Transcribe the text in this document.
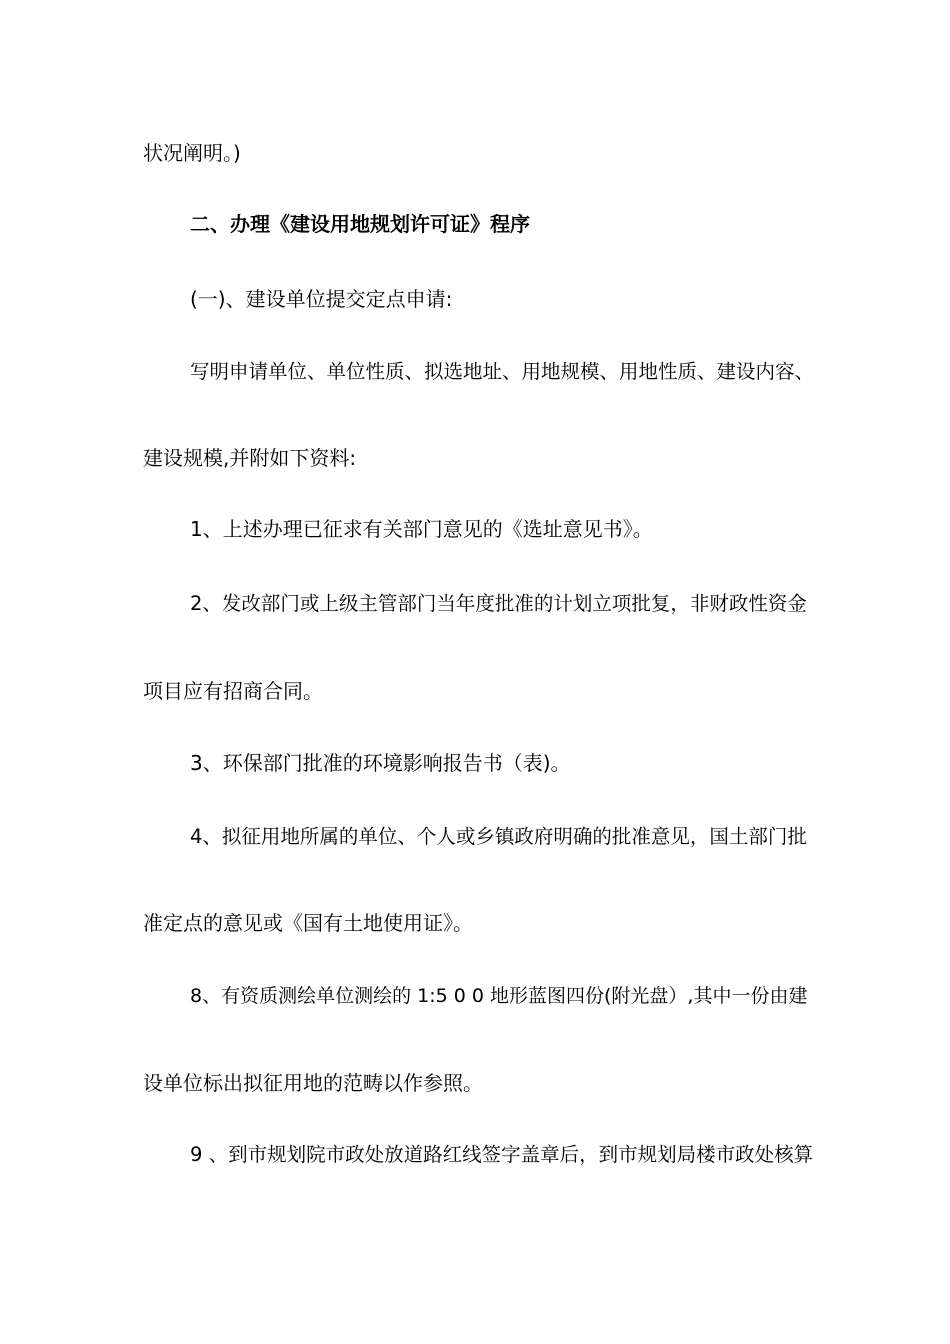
状况阐明。)
二、办理《建设用地规划许可证》程序
(一)、建设单位提交定点申请:
写明申请单位、单位性质、拟选地址、用地规模、用地性质、建设内容、
建设规模,并附如下资料:
1、上述办理已征求有关部门意见的《选址意见书》。
2、发改部门或上级主管部门当年度批准的计划立项批复，非财政性资金
项目应有招商合同。
3、环保部门批准的环境影响报告书（表)。
4、拟征用地所属的单位、个人或乡镇政府明确的批准意见，国土部门批
准定点的意见或《国有土地使用证》。
8、有资质测绘单位测绘的 1:5 0 0 地形蓝图四份(附光盘）,其中一份由建
设单位标出拟征用地的范畴以作参照。
9 、到市规划院市政处放道路红线签字盖章后，到市规划局楼市政处核算
